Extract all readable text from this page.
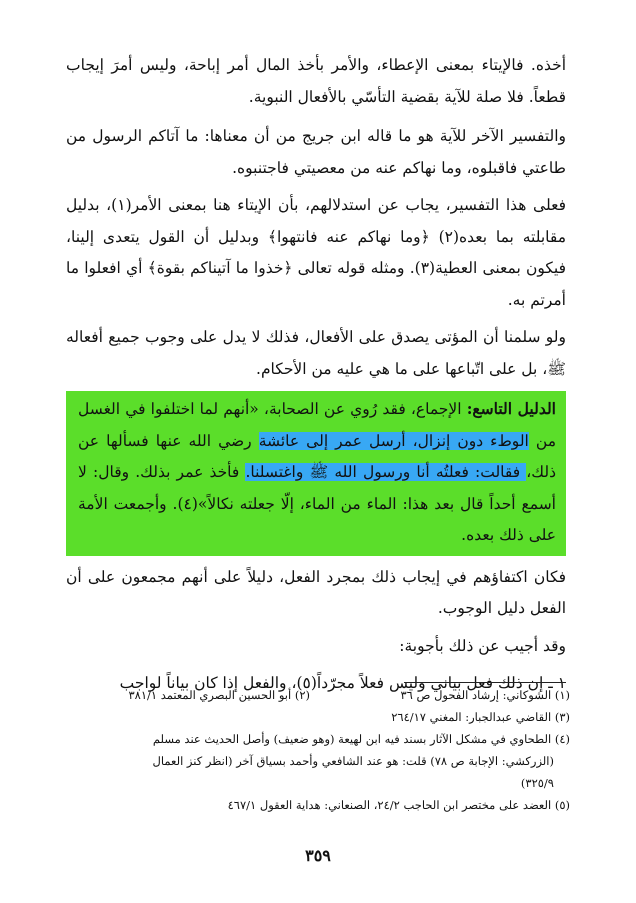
أخذه. فالإيتاء بمعنى الإعطاء، والأمر بأخذ المال أمر إباحة، وليس أمرَ إيجاب قطعاً. فلا صلة للآية بقضية التأسّي بالأفعال النبوية.

والتفسير الآخر للآية هو ما قاله ابن جريج من أن معناها: ما آتاكم الرسول من طاعتي فاقبلوه، وما نهاكم عنه من معصيتي فاجتنبوه.

فعلى هذا التفسير، يجاب عن استدلالهم، بأن الإيتاء هنا بمعنى الأمر(١)، بدليل مقابلته بما بعده(٢) ﴿وما نهاكم عنه فانتهوا﴾ وبدليل أن القول يتعدى إلينا، فيكون بمعنى العطية(٣). ومثله قوله تعالى ﴿خذوا ما آتيناكم بقوة﴾ أي افعلوا ما أمرتم به.

ولو سلمنا أن المؤتى يصدق على الأفعال، فذلك لا يدل على وجوب جميع أفعاله ﷺ، بل على اتّباعها على ما هي عليه من الأحكام.

الدليل التاسع: الإجماع، فقد رُوي عن الصحابة، «أنهم لما اختلفوا في الغسل من الوطء دون إنزال، أرسل عمر إلى عائشة رضي الله عنها فسألها عن ذلك، فقالت: فعلتُه أنا ورسول الله ﷺ واغتسلنا. فأخذ عمر بذلك. وقال: لا أسمع أحداً قال بعد هذا: الماء من الماء، إلّا جعلته نكالاً»(٤). وأجمعت الأمة على ذلك بعده.

فكان اكتفاؤهم في إيجاب ذلك بمجرد الفعل، دليلاً على أنهم مجمعون على أن الفعل دليل الوجوب.

وقد أجيب عن ذلك بأجوبة:

١ ـ إن ذلك فعل بياني وليس فعلاً مجرّداً(٥)، والفعل إذا كان بياناً لواجب

(١) الشوكاني: إرشاد الفحول ص ٣٦
(٢) أبو الحسين البصري المعتمد ٣٨١/١
(٣) القاضي عبدالجبار: المغني ٢٦٤/١٧
(٤) الطحاوي في مشكل الآثار بسند فيه ابن لهيعة (وهو ضعيف) وأصل الحديث عند مسلم
(الزركشي: الإجابة ص ٧٨) قلت: هو عند الشافعي وأحمد بسياق آخر (انظر كنز العمال
٣٢٥/٩)
(٥) العضد على مختصر ابن الحاجب ٢٤/٢، الصنعاني: هداية العقول ٤٦٧/١
٣٥٩
